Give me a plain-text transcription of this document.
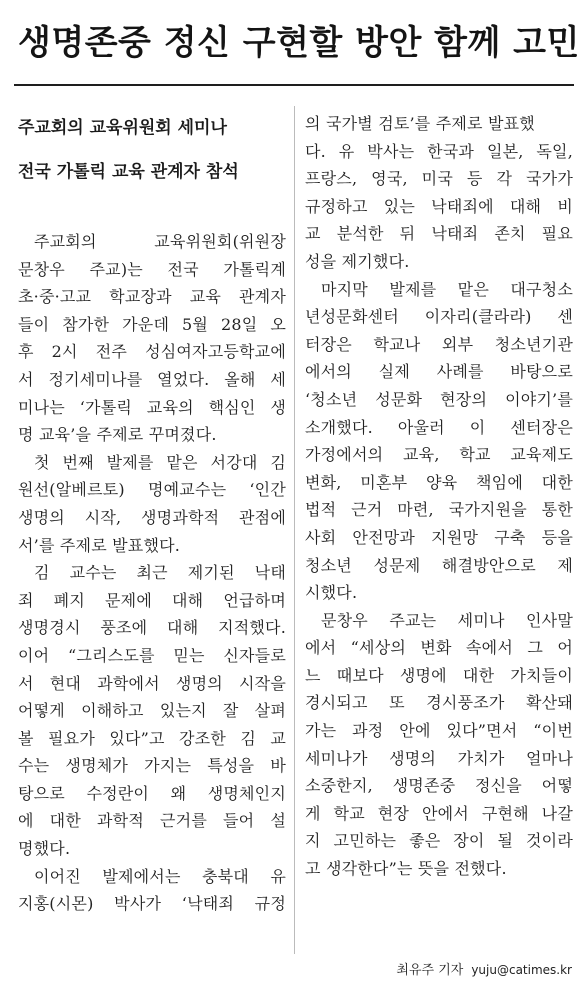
생명존중 정신 구현할 방안 함께 고민
주교회의 교육위원회 세미나
전국 가톨릭 교육 관계자 참석
주교회의 교육위원회(위원장
문창우 주교)는 전국 가톨릭계
초·중·고교 학교장과 교육 관계자
들이 참가한 가운데 5월 28일 오
후 2시 전주 성심여자고등학교에
서 정기세미나를 열었다. 올해 세
미나는 ‘가톨릭 교육의 핵심인 생
명 교육’을 주제로 꾸며졌다.
첫 번째 발제를 맡은 서강대 김
원선(알베르토) 명예교수는 ‘인간
생명의 시작, 생명과학적 관점에
서’를 주제로 발표했다.
김 교수는 최근 제기된 낙태
죄 폐지 문제에 대해 언급하며
생명경시 풍조에 대해 지적했다.
이어 “그리스도를 믿는 신자들로
서 현대 과학에서 생명의 시작을
어떻게 이해하고 있는지 잘 살펴
볼 필요가 있다”고 강조한 김 교
수는 생명체가 가지는 특성을 바
탕으로 수정란이 왜 생명체인지
에 대한 과학적 근거를 들어 설
명했다.
이어진 발제에서는 충북대 유
지홍(시몬) 박사가 ‘낙태죄 규정
의 국가별 검토’를 주제로 발표했
다. 유 박사는 한국과 일본, 독일,
프랑스, 영국, 미국 등 각 국가가
규정하고 있는 낙태죄에 대해 비
교 분석한 뒤 낙태죄 존치 필요
성을 제기했다.
마지막 발제를 맡은 대구청소
년성문화센터 이자리(클라라) 센
터장은 학교나 외부 청소년기관
에서의 실제 사례를 바탕으로
‘청소년 성문화 현장의 이야기’를
소개했다. 아울러 이 센터장은
가정에서의 교육, 학교 교육제도
변화, 미혼부 양육 책임에 대한
법적 근거 마련, 국가지원을 통한
사회 안전망과 지원망 구축 등을
청소년 성문제 해결방안으로 제
시했다.
문창우 주교는 세미나 인사말
에서 “세상의 변화 속에서 그 어
느 때보다 생명에 대한 가치들이
경시되고 또 경시풍조가 확산돼
가는 과정 안에 있다”면서 “이번
세미나가 생명의 가치가 얼마나
소중한지, 생명존중 정신을 어떻
게 학교 현장 안에서 구현해 나갈
지 고민하는 좋은 장이 될 것이라
고 생각한다”는 뜻을 전했다.
최유주 기자 yuju@catimes.kr
